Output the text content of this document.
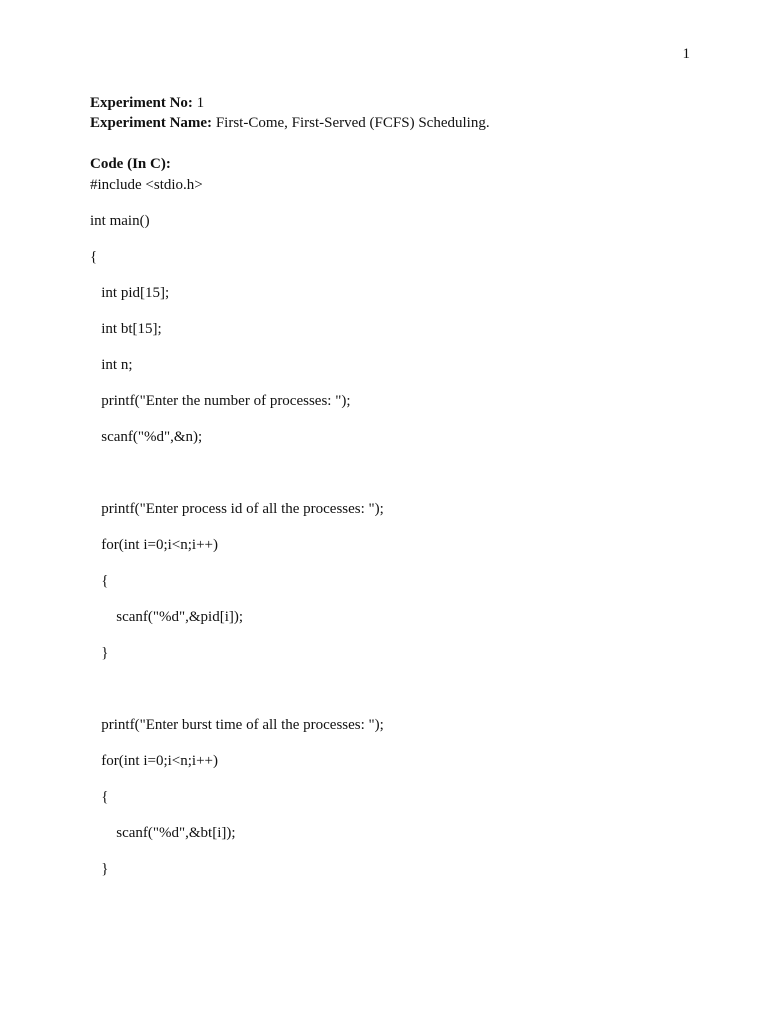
1
Experiment No: 1
Experiment Name: First-Come, First-Served (FCFS) Scheduling.
Code (In C):
#include <stdio.h>
int main()
{
int pid[15];
int bt[15];
int n;
printf("Enter the number of processes: ");
scanf("%d",&n);
printf("Enter process id of all the processes: ");
for(int i=0;i<n;i++)
{
scanf("%d",&pid[i]);
}
printf("Enter burst time of all the processes: ");
for(int i=0;i<n;i++)
{
scanf("%d",&bt[i]);
}
